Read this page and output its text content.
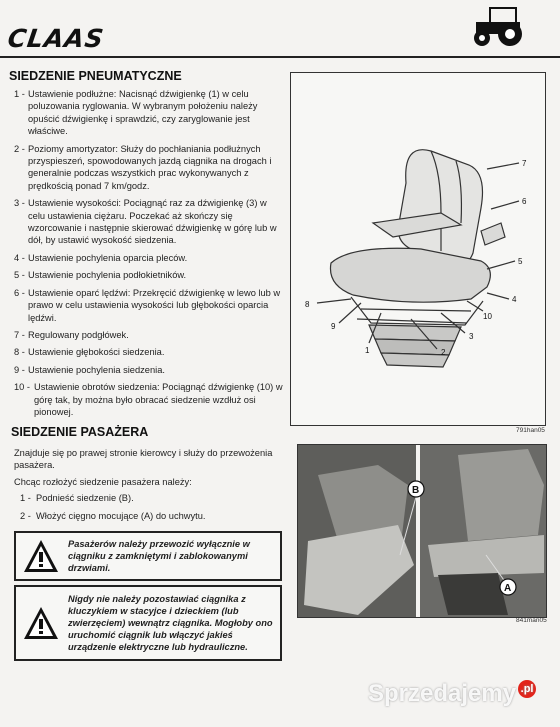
CLAAS
SIEDZENIE PNEUMATYCZNE
1 - Ustawienie podłużne: Nacisnąć dźwigienkę (1) w celu poluzowania ryglowania. W wybranym położeniu należy opuścić dźwigienkę i sprawdzić, czy zaryglowanie jest właściwe.
2 - Poziomy amortyzator: Służy do pochłaniania podłużnych przyspieszeń, spowodowanych jazdą ciągnika na drogach i generalnie podczas wszystkich prac wykonywanych z prędkością ponad 7 km/godz.
3 - Ustawienie wysokości: Pociągnąć raz za dźwigienkę (3) w celu ustawienia ciężaru. Poczekać aż skończy się wzorcowanie i następnie skierować dźwigienkę w górę lub w dół, by ustawić wysokość siedzenia.
4 - Ustawienie pochylenia oparcia pleców.
5 - Ustawienie pochylenia podłokietników.
6 - Ustawienie oparć lędźwi: Przekręcić dźwigienkę w lewo lub w prawo w celu ustawienia wysokości lub głębokości oparcia lędźwi.
7 - Regulowany podgłówek.
8 - Ustawienie głębokości siedzenia.
9 - Ustawienie pochylenia siedzenia.
10 - Ustawienie obrotów siedzenia: Pociągnąć dźwigienkę (10) w górę tak, by można było obracać siedzenie wzdłuż osi pionowej.
7
6
5
4
10
3
2
1
9
8
791han05
SIEDZENIE PASAŻERA
Znajduje się po prawej stronie kierowcy i służy do przewożenia pasażera.
Chcąc rozłożyć siedzenie pasażera należy:
1 - Podnieść siedzenie (B).
2 - Włożyć cięgno mocujące (A) do uchwytu.
Pasażerów należy przewozić wyłącznie w ciągniku z zamkniętymi i zablokowanymi drzwiami.
Nigdy nie należy pozostawiać ciągnika z kluczykiem w stacyjce i dzieckiem (lub zwierzęciem) wewnątrz ciągnika. Mogłoby ono uruchomić ciągnik lub włączyć jakieś urządzenie elektryczne lub hydrauliczne.
B
A
841man05
Sprzedajemy .pl
